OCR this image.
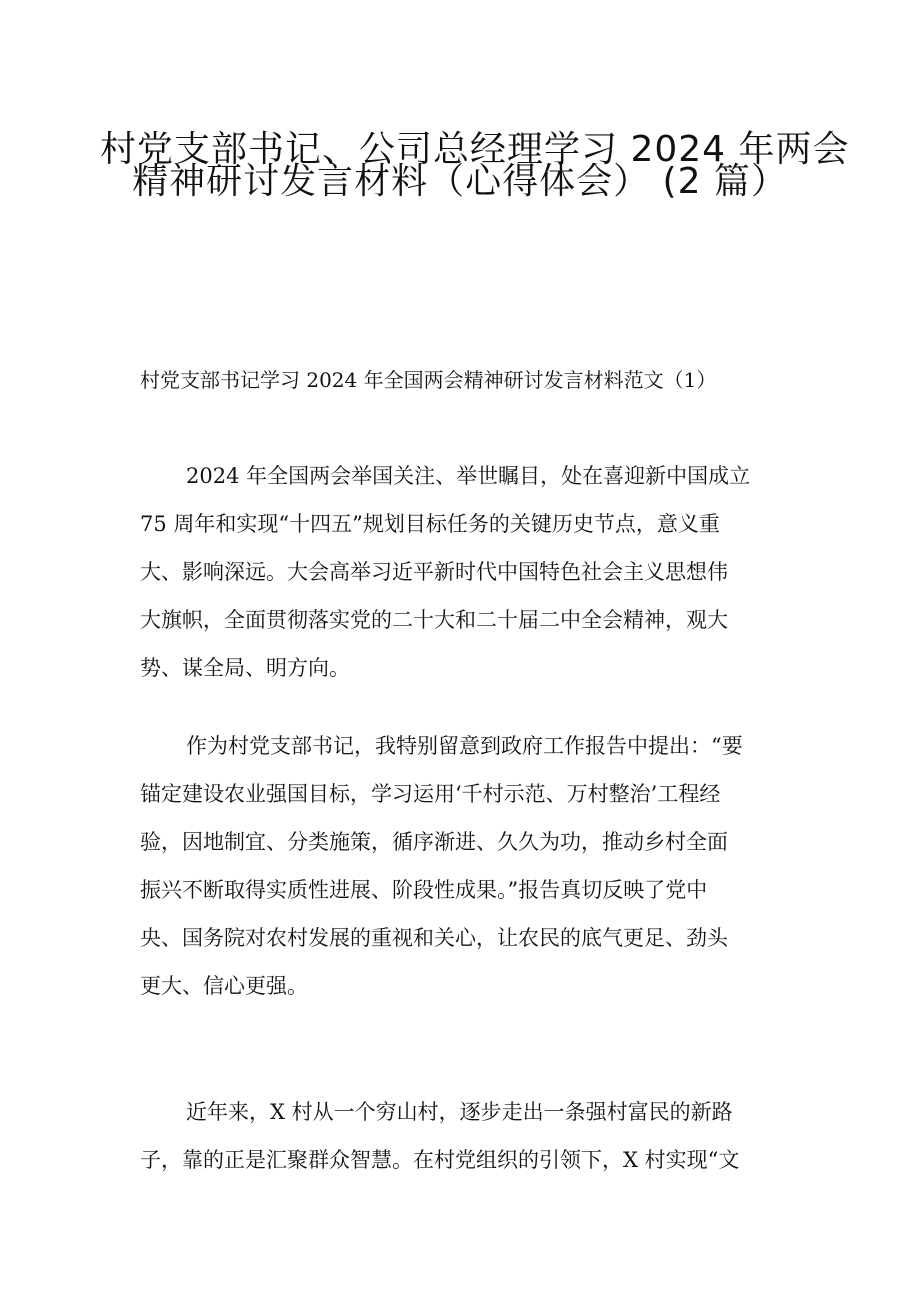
村党支部书记、公司总经理学习 2024 年两会
精神研讨发言材料（心得体会） (2 篇）

村党支部书记学习 2024 年全国两会精神研讨发言材料范文（1）

2024 年全国两会举国关注、举世瞩目，处在喜迎新中国成立
75 周年和实现“十四五”规划目标任务的关键历史节点，意义重
大、影响深远。大会高举习近平新时代中国特色社会主义思想伟
大旗帜，全面贯彻落实党的二十大和二十届二中全会精神，观大
势、谋全局、明方向。
作为村党支部书记，我特别留意到政府工作报告中提出：“要
锚定建设农业强国目标，学习运用‘千村示范、万村整治’工程经
验，因地制宜、分类施策，循序渐进、久久为功，推动乡村全面
振兴不断取得实质性进展、阶段性成果。”报告真切反映了党中
央、国务院对农村发展的重视和关心，让农民的底气更足、劲头
更大、信心更强。
近年来，X 村从一个穷山村，逐步走出一条强村富民的新路
子，靠的正是汇聚群众智慧。在村党组织的引领下，X 村实现“文
